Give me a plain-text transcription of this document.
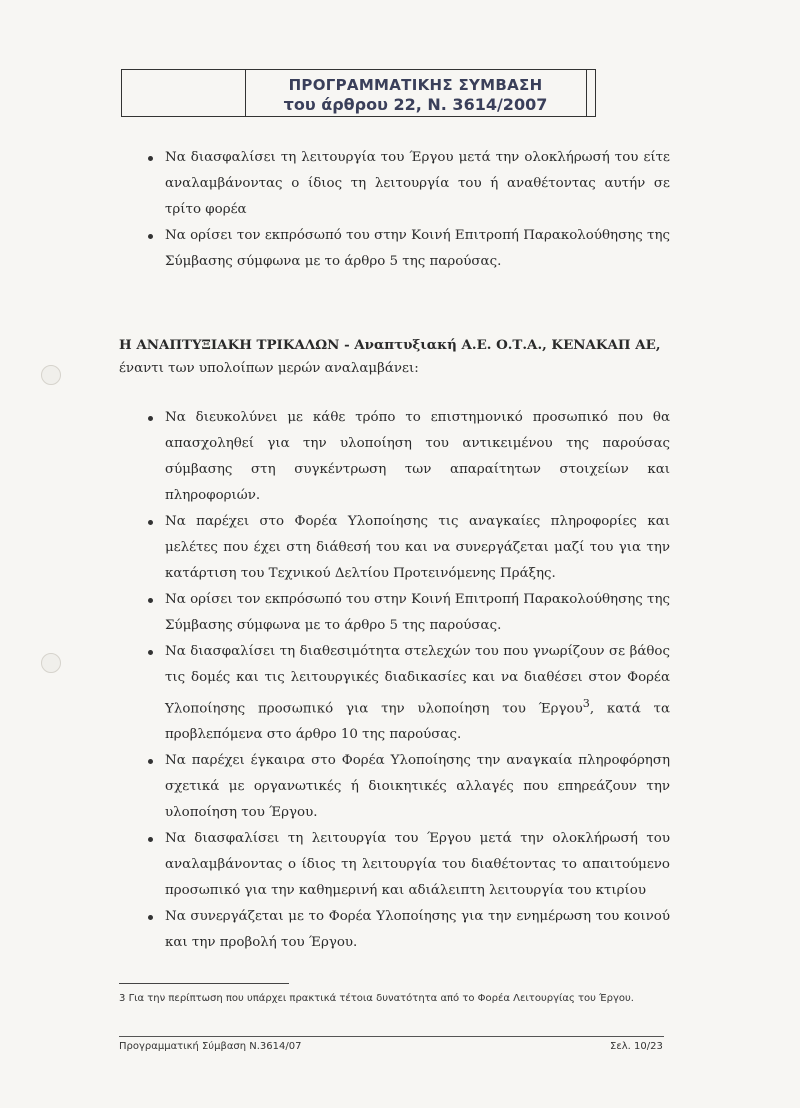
ΠΡΟΓΡΑΜΜΑΤΙΚΗΣ ΣΥΜΒΑΣΗ
του άρθρου 22, Ν. 3614/2007
Να διασφαλίσει τη λειτουργία του Έργου μετά την ολοκλήρωσή του είτε αναλαμβάνοντας ο ίδιος τη λειτουργία του ή αναθέτοντας αυτήν σε τρίτο φορέα
Να ορίσει τον εκπρόσωπό του στην Κοινή Επιτροπή Παρακολούθησης της Σύμβασης σύμφωνα με το άρθρο 5 της παρούσας.
Η ΑΝΑΠΤΥΞΙΑΚΗ ΤΡΙΚΑΛΩΝ - Αναπτυξιακή Α.Ε. Ο.Τ.Α., ΚΕΝΑΚΑΠ ΑΕ,
έναντι των υπολοίπων μερών αναλαμβάνει:
Να διευκολύνει με κάθε τρόπο το επιστημονικό προσωπικό που θα απασχοληθεί για την υλοποίηση του αντικειμένου της παρούσας σύμβασης στη συγκέντρωση των απαραίτητων στοιχείων και πληροφοριών.
Να παρέχει στο Φορέα Υλοποίησης τις αναγκαίες πληροφορίες και μελέτες που έχει στη διάθεσή του και να συνεργάζεται μαζί του για την κατάρτιση του Τεχνικού Δελτίου Προτεινόμενης Πράξης.
Να ορίσει τον εκπρόσωπό του στην Κοινή Επιτροπή Παρακολούθησης της Σύμβασης σύμφωνα με το άρθρο 5 της παρούσας.
Να διασφαλίσει τη διαθεσιμότητα στελεχών του που γνωρίζουν σε βάθος τις δομές και τις λειτουργικές διαδικασίες και να διαθέσει στον Φορέα Υλοποίησης προσωπικό για την υλοποίηση του Έργου$^3$, κατά τα προβλεπόμενα στο άρθρο 10 της παρούσας.
Να παρέχει έγκαιρα στο Φορέα Υλοποίησης την αναγκαία πληροφόρηση σχετικά με οργανωτικές ή διοικητικές αλλαγές που επηρεάζουν την υλοποίηση του Έργου.
Να διασφαλίσει τη λειτουργία του Έργου μετά την ολοκλήρωσή του αναλαμβάνοντας ο ίδιος τη λειτουργία του διαθέτοντας το απαιτούμενο προσωπικό για την καθημερινή και αδιάλειπτη λειτουργία του κτιρίου
Να συνεργάζεται με το Φορέα Υλοποίησης για την ενημέρωση του κοινού και την προβολή του Έργου.
3 Για την περίπτωση που υπάρχει πρακτικά τέτοια δυνατότητα από το Φορέα Λειτουργίας του Έργου.
Προγραμματική Σύμβαση Ν.3614/07	Σελ. 10/23
